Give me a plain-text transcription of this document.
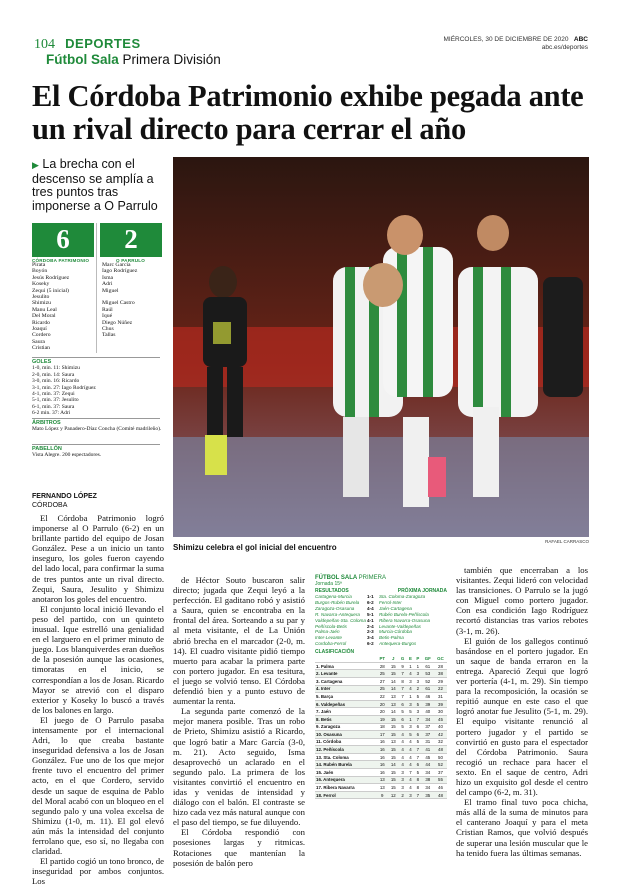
104 DEPORTES
Fútbol Sala Primera División
MIÉRCOLES, 30 DE DICIEMBRE DE 2020 ABC
abc.es/deportes
El Córdoba Patrimonio exhibe pegada ante un rival directo para cerrar el año
▶ La brecha con el descenso se amplía a tres puntos tras imponerse a O Parrulo
6
CÓRDOBA PATRIMONIO
2
O PARRULO
Pirata
Boyón
Jesús Rodríguez
Koseky
Zequi (5 inicial)
Jesulito
Shimizu
Manu Leal
Del Moral
Ricardo
Joaquí
Cordero
Saura
Cristian
Marc García
Iago Rodríguez
Isma
Adri
Miguel

Miguel Castro
Raúl
Iqué
Diego Núñez
Chus
Tallas
GOLES
1-0, min. 11: Shimizu
2-0, min. 14: Saura
3-0, min. 16: Ricardo
3-1, min. 27: Iago Rodríguez
4-1, min. 37: Zequi
5-1, min. 37: Jesulito
6-1, min. 37: Saura
6-2 min. 37: Adri
ÁRBITROS
Mato López y Panadero-Díaz Concha (Comité madrileño).
PABELLÓN
Vista Alegre. 200 espectadores.
Shimizu celebra el gol inicial del encuentro
RAFAEL CARRASCO
FERNANDO LÓPEZ
CÓRDOBA

El Córdoba Patrimonio logró imponerse al O Parrulo (6-2) en un brillante partido del equipo de Josan González. Pese a un inicio un tanto inseguro, los goles fueron cayendo del lado local, para confirmar la suma de tres puntos ante un rival directo. Zequi, Saura, Jesulito y Shimizu anotaron los goles del encuentro.

El conjunto local inició llevando el peso del partido, con un quinteto inusual. Ique estrelló una genialidad en el larguero en el primer minuto de juego. Los blanquiverdes eran dueños de la posesión aunque las ocasiones, timoratas en el inicio, se correspondían a los de Josan. Ricardo Mayor se atrevió con el disparo exterior y Koseky lo buscó a través de los balones en largo.

El juego de O Parrulo pasaba intensamente por el internacional Adri, lo que creaba bastante inseguridad defensiva a los de Josan González. Fue uno de los que mejor frente tuvo el encuentro del primer acto, en el que Cordero, servido desde un saque de esquina de Pablo del Moral acabó con un bloqueo en el segundo palo y una volea excelsa de Shimizu (1-0, m. 11). El gol elevó aún más la intensidad del conjunto ferrolano que, eso sí, no llegaba con claridad.

El partido cogió un tono bronco, de inseguridad por ambos conjuntos. Los

de Héctor Souto buscaron salir directo; jugada que Zequi leyó a la perfección. El gaditano robó y asistió a Saura, quien se encontraba en la frontal del área. Sorteando a su par y al meta visitante, el de La Unión abrió brecha en el marcador (2-0, m. 14). El cuadro visitante pidió tiempo muerto para acabar la primera parte con portero jugador. En esa tesitura, el juego se volvió tenso. El Córdoba defendió bien y a punto estuvo de aumentar la renta.

La segunda parte comenzó de la mejor manera posible. Tras un robo de Prieto, Shimizu asistió a Ricardo, que logró batir a Marc García (3-0, m. 21). Acto seguido, Isma desaprovechó un aclarado en el segundo palo. La primera de los visitantes convirtió el encuentro en idas y venidas de intensidad y diálogo con el balón. El contraste se hizo cada vez más natural aunque con el paso del tiempo, se fue diluyendo.

El Córdoba respondió con posesiones largas y ritmicas. Rotaciones que mantenían la posesión de balón pero

también que encerraban a los visitantes. Zequi lideró con velocidad las transiciones. O Parrulo se la jugó con Miguel como portero jugador. Con esa condición Iago Rodríguez recortó distancias tras varios rebotes (3-1, m. 26).

El guión de los gallegos continuó basándose en el portero jugador. En un saque de banda erraron en la entrega. Apareció Zequi que logró ver portería (4-1, m. 29). Sin tiempo para la recomposición, la ocasión se repitió aunque en este caso el que logró anotar fue Jesulito (5-1, m. 29). El equipo visitante renunció al portero jugador y el partido se convirtió en gusto para el espectador del Córdoba Patrimonio. Saura recogió un rechace para hacer el sexto. En el saque de centro, Adri hizo un exquisito gol desde el centro del campo (6-2, m. 31).

El tramo final tuvo poca chicha, más allá de la suma de minutos para el canterano Joaquí y para el meta Cristian Ramos, que volvió después de superar una lesión muscular que le ha tenido fuera las últimas semanas.

FÚTBOL SALA PRIMERA
Jornada 15ª
RESULTADOS	PRÓXIMA JORNADA
Cartagena-Murcia	1-1	Sta. Coloma-Zaragoza
Burgos-Rubén Burela	6-2	Ferrol-Inter
Zaragoza-Osasuna	4-4	Jaén-Cartagena
R. Navarra-Antequera	5-1	Rubén Burela-Peñíscola
Valdepeñas-Sta. Coloma 4-1	Ribera Navarra-Osasuna
Peñíscola-Betis	2-4	Levante-Valdepeñas
Palma-Jaén	2-3	Murcia-Córdoba
Inter-Levante	3-4	Betis-Palma
Cordoba-Ferrol	6-2	Antequera-Burgos
CLASIFICACIÓN
	PT	J	G	E	P	GF	GC
1. Palma	28	15	9	1	1	61	28
2. Levante	25	15	7	4	3	53	38
3. Cartagena	27	14	8	3	3	52	29
4. Inter	25	14	7	4	2	61	22
5. Barça	22	13	7	1	5	46	31
6. Valdepeñas	20	13	6	3	5	39	39
7. Jaén	20	14	5	5	3	40	30
8. Betis	19	15	6	1	7	34	45
9. Zaragoza	18	15	5	3	6	37	40
10. Osasuna	17	15	4	5	6	37	42
11. Córdoba	16	13	4	4	5	31	32
12. Peñíscola	16	15	4	4	7	41	48
13. Sta. Coloma	16	15	4	4	7	45	50
14. Rubén Burela	16	14	4	4	6	44	52
15. Jaén	16	15	3	7	5	34	37
16. Antequera	13	15	3	4	8	38	55
17. Ribera Navarra	13	15	3	4	8	34	46
18. Ferrol	9	12	2	3	7	35	48
